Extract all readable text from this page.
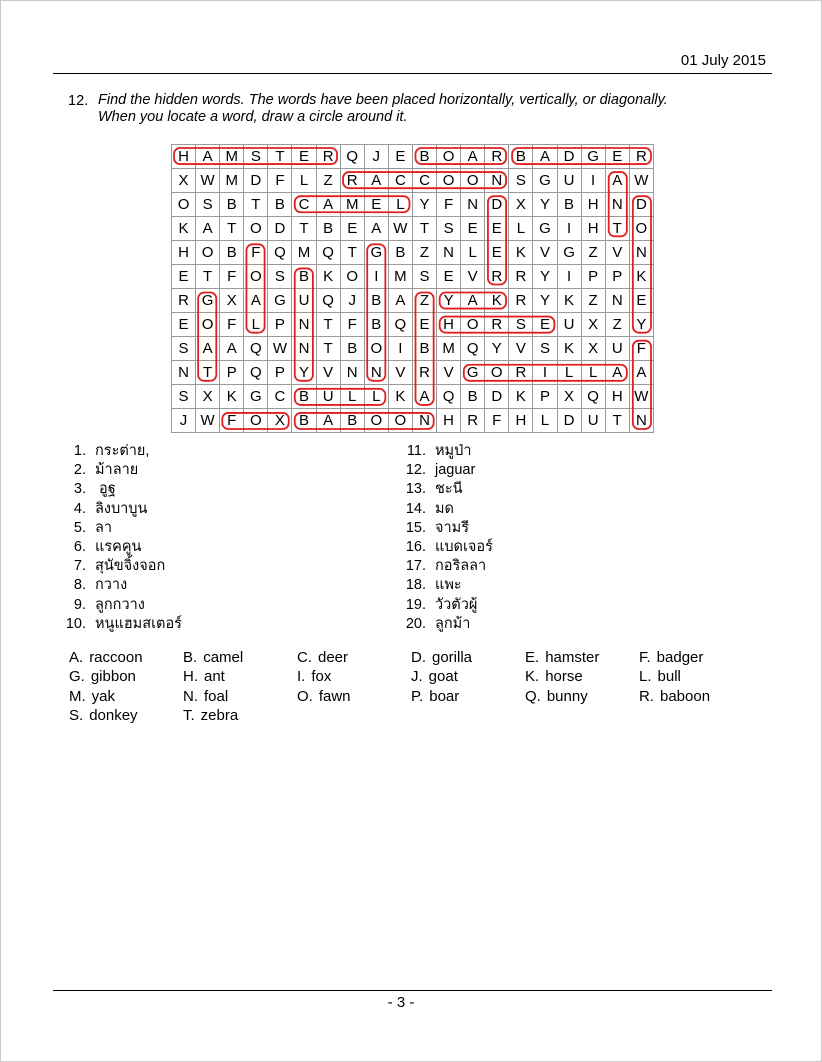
01 July 2015
12. Find the hidden words. The words have been placed horizontally, vertically, or diagonally. When you locate a word, draw a circle around it.
H	A	M	S	T	E	R	Q	J	E	B	O	A	R	B	A	D	G	E	R
X	W	M	D	F	L	Z	R	A	C	C	O	O	N	S	G	U	I	A	W
O	S	B	T	B	C	A	M	E	L	Y	F	N	D	X	Y	B	H	N	D
K	A	T	O	D	T	B	E	A	W	T	S	E	E	L	G	I	H	T	O
H	O	B	F	Q	M	Q	T	G	B	Z	N	L	E	K	V	G	Z	V	N
E	T	F	O	S	B	K	O	I	M	S	E	V	R	R	Y	I	P	P	K
R	G	X	A	G	U	Q	J	B	A	Z	Y	A	K	R	Y	K	Z	N	E
E	O	F	L	P	N	T	F	B	Q	E	H	O	R	S	E	U	X	Z	Y
S	A	A	Q	W	N	T	B	O	I	B	M	Q	Y	V	S	K	X	U	F
N	T	P	Q	P	Y	V	N	N	V	R	V	G	O	R	I	L	L	A	A
S	X	K	G	C	B	U	L	L	K	A	Q	B	D	K	P	X	Q	H	W
J	W	F	O	X	B	A	B	O	O	N	H	R	F	H	L	D	U	T	N
1. กระต่าย,
2. ม้าลาย
3. อูฐ
4. ลิงบาบูน
5. ลา
6. แรคคูน
7. สุนัขจิ้งจอก
8. กวาง
9. ลูกกวาง
10. หนูแฮมสเตอร์
11. หมูป่า
12. jaguar
13. ชะนี
14. มด
15. จามรี
16. แบดเจอร์
17. กอริลลา
18. แพะ
19. วัวตัวผู้
20. ลูกม้า
A. raccoon	B. camel	C. deer	D. gorilla	E. hamster	F. badger
G. gibbon	H. ant	I. fox	J. goat	K. horse	L. bull
M. yak	N. foal	O. fawn	P. boar	Q. bunny	R. baboon
S. donkey	T. zebra
- 3 -
